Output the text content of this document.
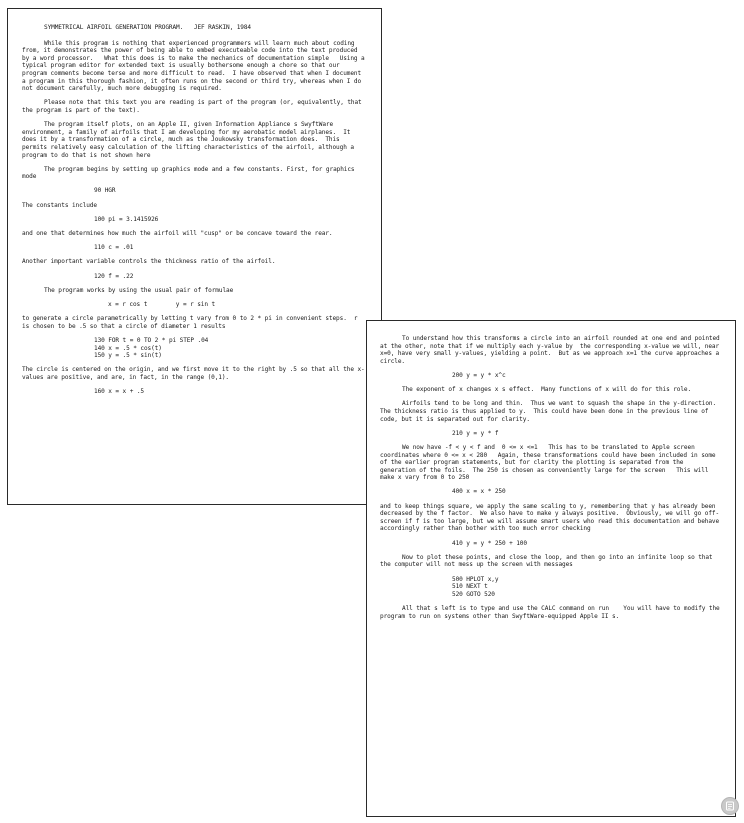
SYMMETRICAL AIRFOIL GENERATION PROGRAM.   JEF RASKIN, 1984
While this program is nothing that experienced programmers will learn much about coding from, it demonstrates the power of being able to embed executeable code into the text produced by a word processor.   What this does is to make the mechanics of documentation simple   Using a typical program editor for extended text is usually bothersome enough a chore so that our program comments become terse and more difficult to read.  I have observed that when I document a program in this thorough fashion, it often runs on the second or third try, whereas when I do not document carefully, much more debugging is required.
Please note that this text you are reading is part of the program (or, equivalently, that the program is part of the text).
The program itself plots, on an Apple II, given Information Appliance s SwyftWare environment, a family of airfoils that I am developing for my aerobatic model airplanes.  It does it by a transformation of a circle, much as the Joukowsky transformation does.  This permits relatively easy calculation of the lifting characteristics of the airfoil, although a program to do that is not shown here
The program begins by setting up graphics mode and a few constants. First, for graphics mode
90 HGR
The constants include
100 pi = 3.1415926
and one that determines how much the airfoil will "cusp" or be concave toward the rear.
110 c = .01
Another important variable controls the thickness ratio of the airfoil.
120 f = .22
The program works by using the usual pair of formulae
x = r cos t        y = r sin t
to generate a circle parametrically by letting t vary from 0 to 2 * pi in convenient steps.  r is chosen to be .5 so that a circle of diameter 1 results
130 FOR t = 0 TO 2 * pi STEP .04
140 x = .5 * cos(t)
150 y = .5 * sin(t)
The circle is centered on the origin, and we first move it to the right by .5 so that all the x-values are positive, and are, in fact, in the range (0,1).
160 x = x + .5
To understand how this transforms a circle into an airfoil rounded at one end and pointed at the other, note that if we multiply each y-value by  the corresponding x-value we will, near x=0, have very small y-values, yielding a point.  But as we approach x=1 the curve approaches a circle.
200 y = y * x^c
The exponent of x changes x s effect.  Many functions of x will do for this role.
Airfoils tend to be long and thin.  Thus we want to squash the shape in the y-direction.  The thickness ratio is thus applied to y.  This could have been done in the previous line of code, but it is separated out for clarity.
210 y = y * f
We now have -f < y < f and  0 <= x <=1   This has to be translated to Apple screen coordinates where 0 <= x < 280   Again, these transformations could have been included in some of the earlier program statements, but for clarity the plotting is separated from the generation of the foils.  The 250 is chosen as conveniently large for the screen   This will make x vary from 0 to 250
400 x = x * 250
and to keep things square, we apply the same scaling to y, remembering that y has already been decreased by the f factor.  We also have to make y always positive.  Obviously, we will go off-screen if f is too large, but we will assume smart users who read this documentation and behave accordingly rather than bother with too much error checking
410 y = y * 250 + 100
Now to plot these points, and close the loop, and then go into an infinite loop so that the computer will not mess up the screen with messages
500 HPLOT x,y
510 NEXT t
520 GOTO 520
All that s left is to type and use the CALC command on run    You will have to modify the program to run on systems other than SwyftWare-equipped Apple II s.
